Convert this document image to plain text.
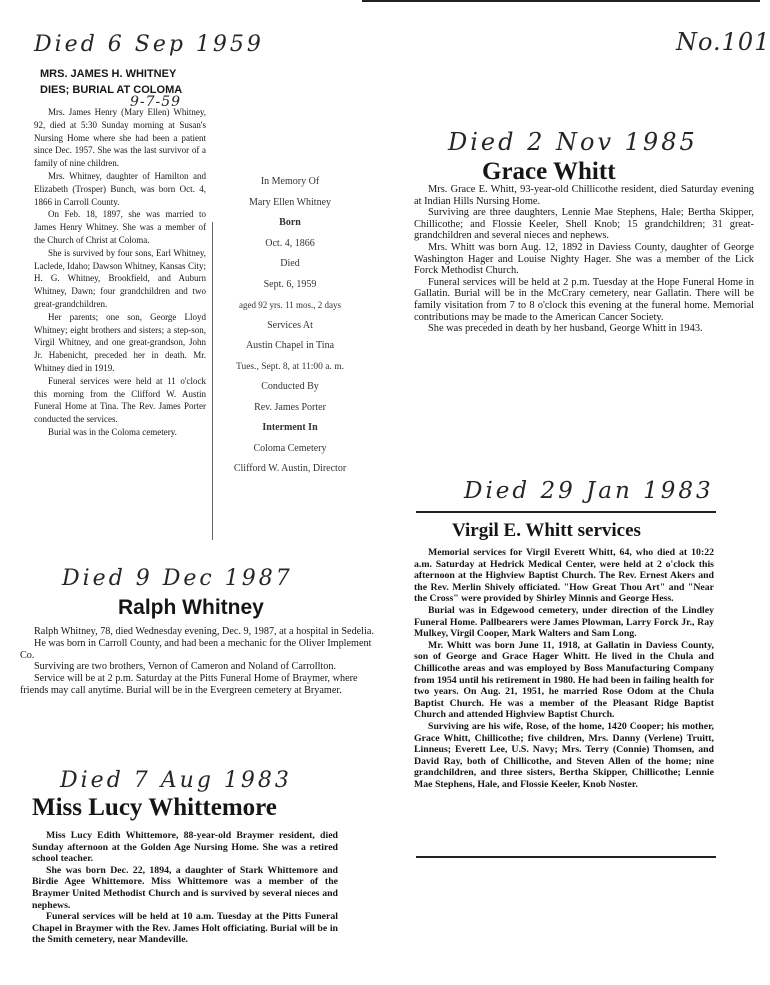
No.101
Died 6 Sep 1959
MRS. JAMES H. WHITNEY
DIES; BURIAL AT COLOMA
9-7-59

Mrs. James Henry (Mary Ellen) Whitney, 92, died at 5:30 Sunday morning at Susan's Nursing Home where she had been a patient since Dec. 1957. She was the last survivor of a family of nine children.

Mrs. Whitney, daughter of Hamilton and Elizabeth (Trosper) Bunch, was born Oct. 4, 1866 in Carroll County.

On Feb. 18, 1897, she was married to James Henry Whitney. She was a member of the Church of Christ at Coloma.

She is survived by four sons, Earl Whitney, Laclede, Idaho; Dawson Whitney, Kansas City; H. G. Whitney, Brookfield, and Auburn Whitney, Dawn; four grandchildren and two great-grandchildren.

Her parents; one son, George Lloyd Whitney; eight brothers and sisters; a step-son, Virgil Whitney, and one great-grandson, John Jr. Habenicht, preceded her in death. Mr. Whitney died in 1919.

Funeral services were held at 11 o'clock this morning from the Clifford W. Austin Funeral Home at Tina. The Rev. James Porter conducted the services.

Burial was in the Coloma cemetery.

In Memory Of
Mary Ellen Whitney
Born
Oct. 4, 1866
Died
Sept. 6, 1959
aged 92 yrs. 11 mos., 2 days
Services At
Austin Chapel in Tina
Tues., Sept. 8, at 11:00 a. m.
Conducted By
Rev. James Porter
Interment In
Coloma Cemetery
Clifford W. Austin, Director
Died 2 Nov 1985
Grace Whitt

Mrs. Grace E. Whitt, 93-year-old Chillicothe resident, died Saturday evening at Indian Hills Nursing Home.

Surviving are three daughters, Lennie Mae Stephens, Hale; Bertha Skipper, Chillicothe; and Flossie Keeler, Shell Knob; 15 grandchildren; 31 great-grandchildren and several nieces and nephews.

Mrs. Whitt was born Aug. 12, 1892 in Daviess County, daughter of George Washington Hager and Louise Nighty Hager. She was a member of the Lick Forck Methodist Church.

Funeral services will be held at 2 p.m. Tuesday at the Hope Funeral Home in Gallatin. Burial will be in the McCrary cemetery, near Gallatin. There will be family visitation from 7 to 8 o'clock this evening at the funeral home. Memorial contributions may be made to the American Cancer Society.

She was preceded in death by her husband, George Whitt in 1943.

Died 29 Jan 1983
Virgil E. Whitt services

Memorial services for Virgil Everett Whitt, 64, who died at 10:22 a.m. Saturday at Hedrick Medical Center, were held at 2 o'clock this afternoon at the Highview Baptist Church. The Rev. Ernest Akers and the Rev. Merlin Shively officiated. "How Great Thou Art" and "Near the Cross" were provided by Shirley Minnis and George Hess.

Burial was in Edgewood cemetery, under direction of the Lindley Funeral Home. Pallbearers were James Plowman, Larry Forck Jr., Ray Mulkey, Virgil Cooper, Mark Walters and Sam Long.

Mr. Whitt was born June 11, 1918, at Gallatin in Daviess County, son of George and Grace Hager Whitt. He lived in the Chula and Chillicothe areas and was employed by Boss Manufacturing Company from 1954 until his retirement in 1980. He had been in failing health for two years. On Aug. 21, 1951, he married Rose Odom at the Chula Baptist Church. He was a member of the Pleasant Ridge Baptist Church and attended Highview Baptist Church.

Surviving are his wife, Rose, of the home, 1420 Cooper; his mother, Grace Whitt, Chillicothe; five children, Mrs. Danny (Verlene) Truitt, Linneus; Everett Lee, U.S. Navy; Mrs. Terry (Connie) Thomsen, and David Ray, both of Chillicothe, and Steven Allen of the home; nine grandchildren, and three sisters, Bertha Skipper, Chillicothe; Lennie Mae Stephens, Hale, and Flossie Keeler, Knob Noster.

Died 9 Dec 1987
Ralph Whitney

Ralph Whitney, 78, died Wednesday evening, Dec. 9, 1987, at a hospital in Sedelia.

He was born in Carroll County, and had been a mechanic for the Oliver Implement Co.

Surviving are two brothers, Vernon of Cameron and Noland of Carrollton.

Service will be at 2 p.m. Saturday at the Pitts Funeral Home of Braymer, where friends may call anytime. Burial will be in the Evergreen cemetery at Bryamer.

Died 7 Aug 1983
Miss Lucy Whittemore

Miss Lucy Edith Whittemore, 88-year-old Braymer resident, died Sunday afternoon at the Golden Age Nursing Home. She was a retired school teacher.

She was born Dec. 22, 1894, a daughter of Stark Whittemore and Birdie Agee Whittemore. Miss Whittemore was a member of the Braymer United Methodist Church and is survived by several nieces and nephews.

Funeral services will be held at 10 a.m. Tuesday at the Pitts Funeral Chapel in Braymer with the Rev. James Holt officiating. Burial will be in the Smith cemetery, near Mandeville.
